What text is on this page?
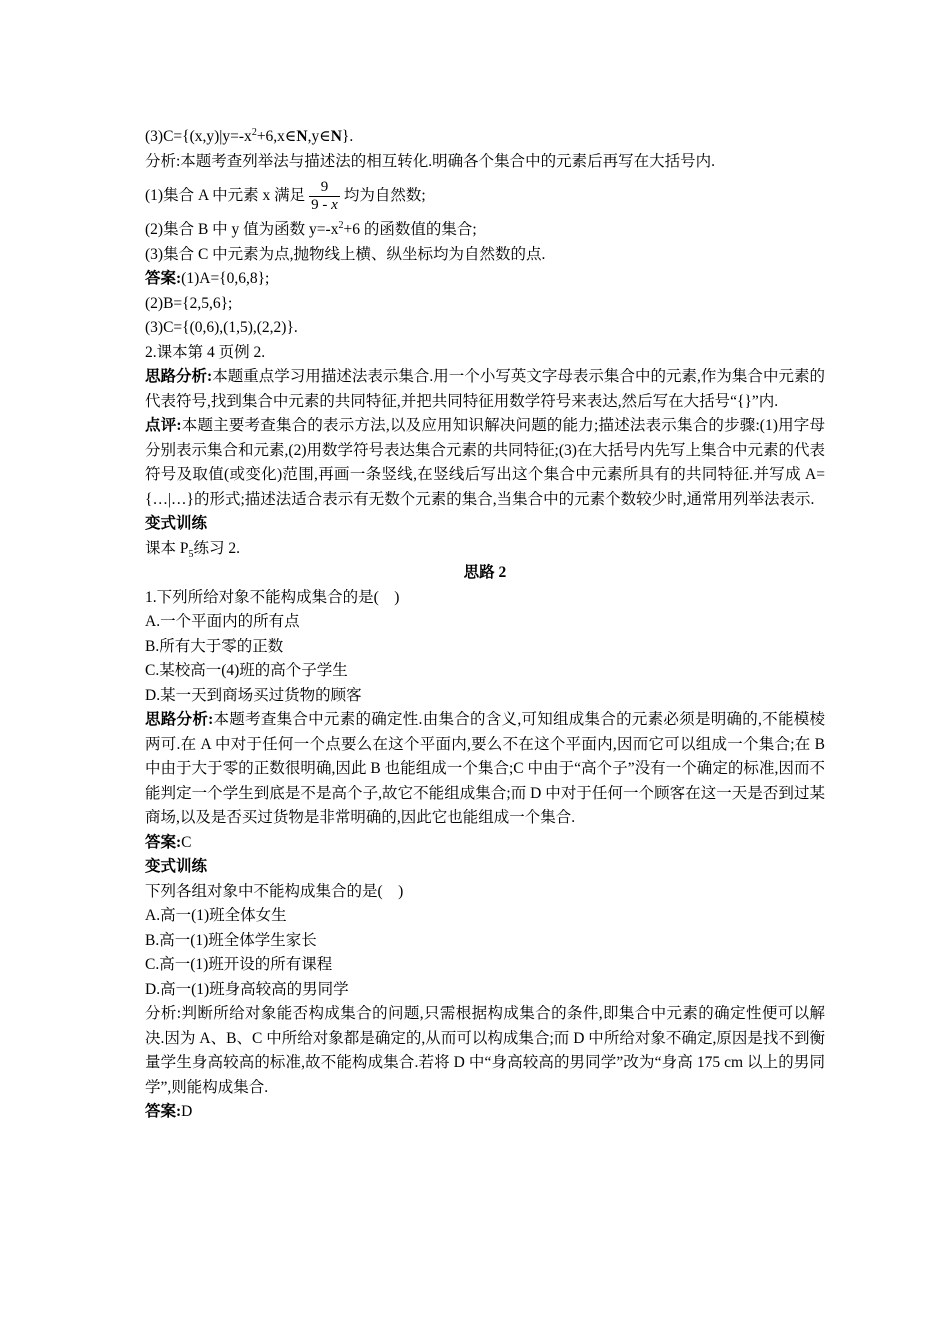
$(3)C=\{(x,y)|y=-x^2+6,x\in N,y\in N\}$.
分析:本题考查列举法与描述法的相互转化.明确各个集合中的元素后再写在大括号内.
(1)集合 A 中元素 x 满足 $\frac{9}{9 - x}$ 均为自然数;
(2)集合 B 中 y 值为函数 $y=-x^2+6$ 的函数值的集合;
(3)集合 C 中元素为点,抛物线上横、纵坐标均为自然数的点.
答案:(1)A={0,6,8};
(2)B={2,5,6};
(3)C={(0,6),(1,5),(2,2)}.
2.课本第 4 页例 2.
思路分析:本题重点学习用描述法表示集合.用一个小写英文字母表示集合中的元素,作为集合中元素的代表符号,找到集合中元素的共同特征,并把共同特征用数学符号来表达,然后写在大括号“{}”内.
点评:本题主要考查集合的表示方法,以及应用知识解决问题的能力;描述法表示集合的步骤:(1)用字母分别表示集合和元素,(2)用数学符号表达集合元素的共同特征;(3)在大括号内先写上集合中元素的代表符号及取值(或变化)范围,再画一条竖线,在竖线后写出这个集合中元素所具有的共同特征.并写成 A={…|…}的形式;描述法适合表示有无数个元素的集合,当集合中的元素个数较少时,通常用列举法表示.
变式训练
课本 $P_5$练习 2.
思路 2
1.下列所给对象不能构成集合的是(    )
A.一个平面内的所有点
B.所有大于零的正数
C.某校高一(4)班的高个子学生
D.某一天到商场买过货物的顾客
思路分析:本题考查集合中元素的确定性.由集合的含义,可知组成集合的元素必须是明确的,不能模棱两可.在 A 中对于任何一个点要么在这个平面内,要么不在这个平面内,因而它可以组成一个集合;在 B 中由于大于零的正数很明确,因此 B 也能组成一个集合;C 中由于“高个子”没有一个确定的标准,因而不能判定一个学生到底是不是高个子,故它不能组成集合;而 D 中对于任何一个顾客在这一天是否到过某商场,以及是否买过货物是非常明确的,因此它也能组成一个集合.
答案:C
变式训练
下列各组对象中不能构成集合的是(    )
A.高一(1)班全体女生
B.高一(1)班全体学生家长
C.高一(1)班开设的所有课程
D.高一(1)班身高较高的男同学
分析:判断所给对象能否构成集合的问题,只需根据构成集合的条件,即集合中元素的确定性便可以解决.因为 A、B、C 中所给对象都是确定的,从而可以构成集合;而 D 中所给对象不确定,原因是找不到衡量学生身高较高的标准,故不能构成集合.若将 D 中“身高较高的男同学”改为“身高 175 cm 以上的男同学”,则能构成集合.
答案:D
